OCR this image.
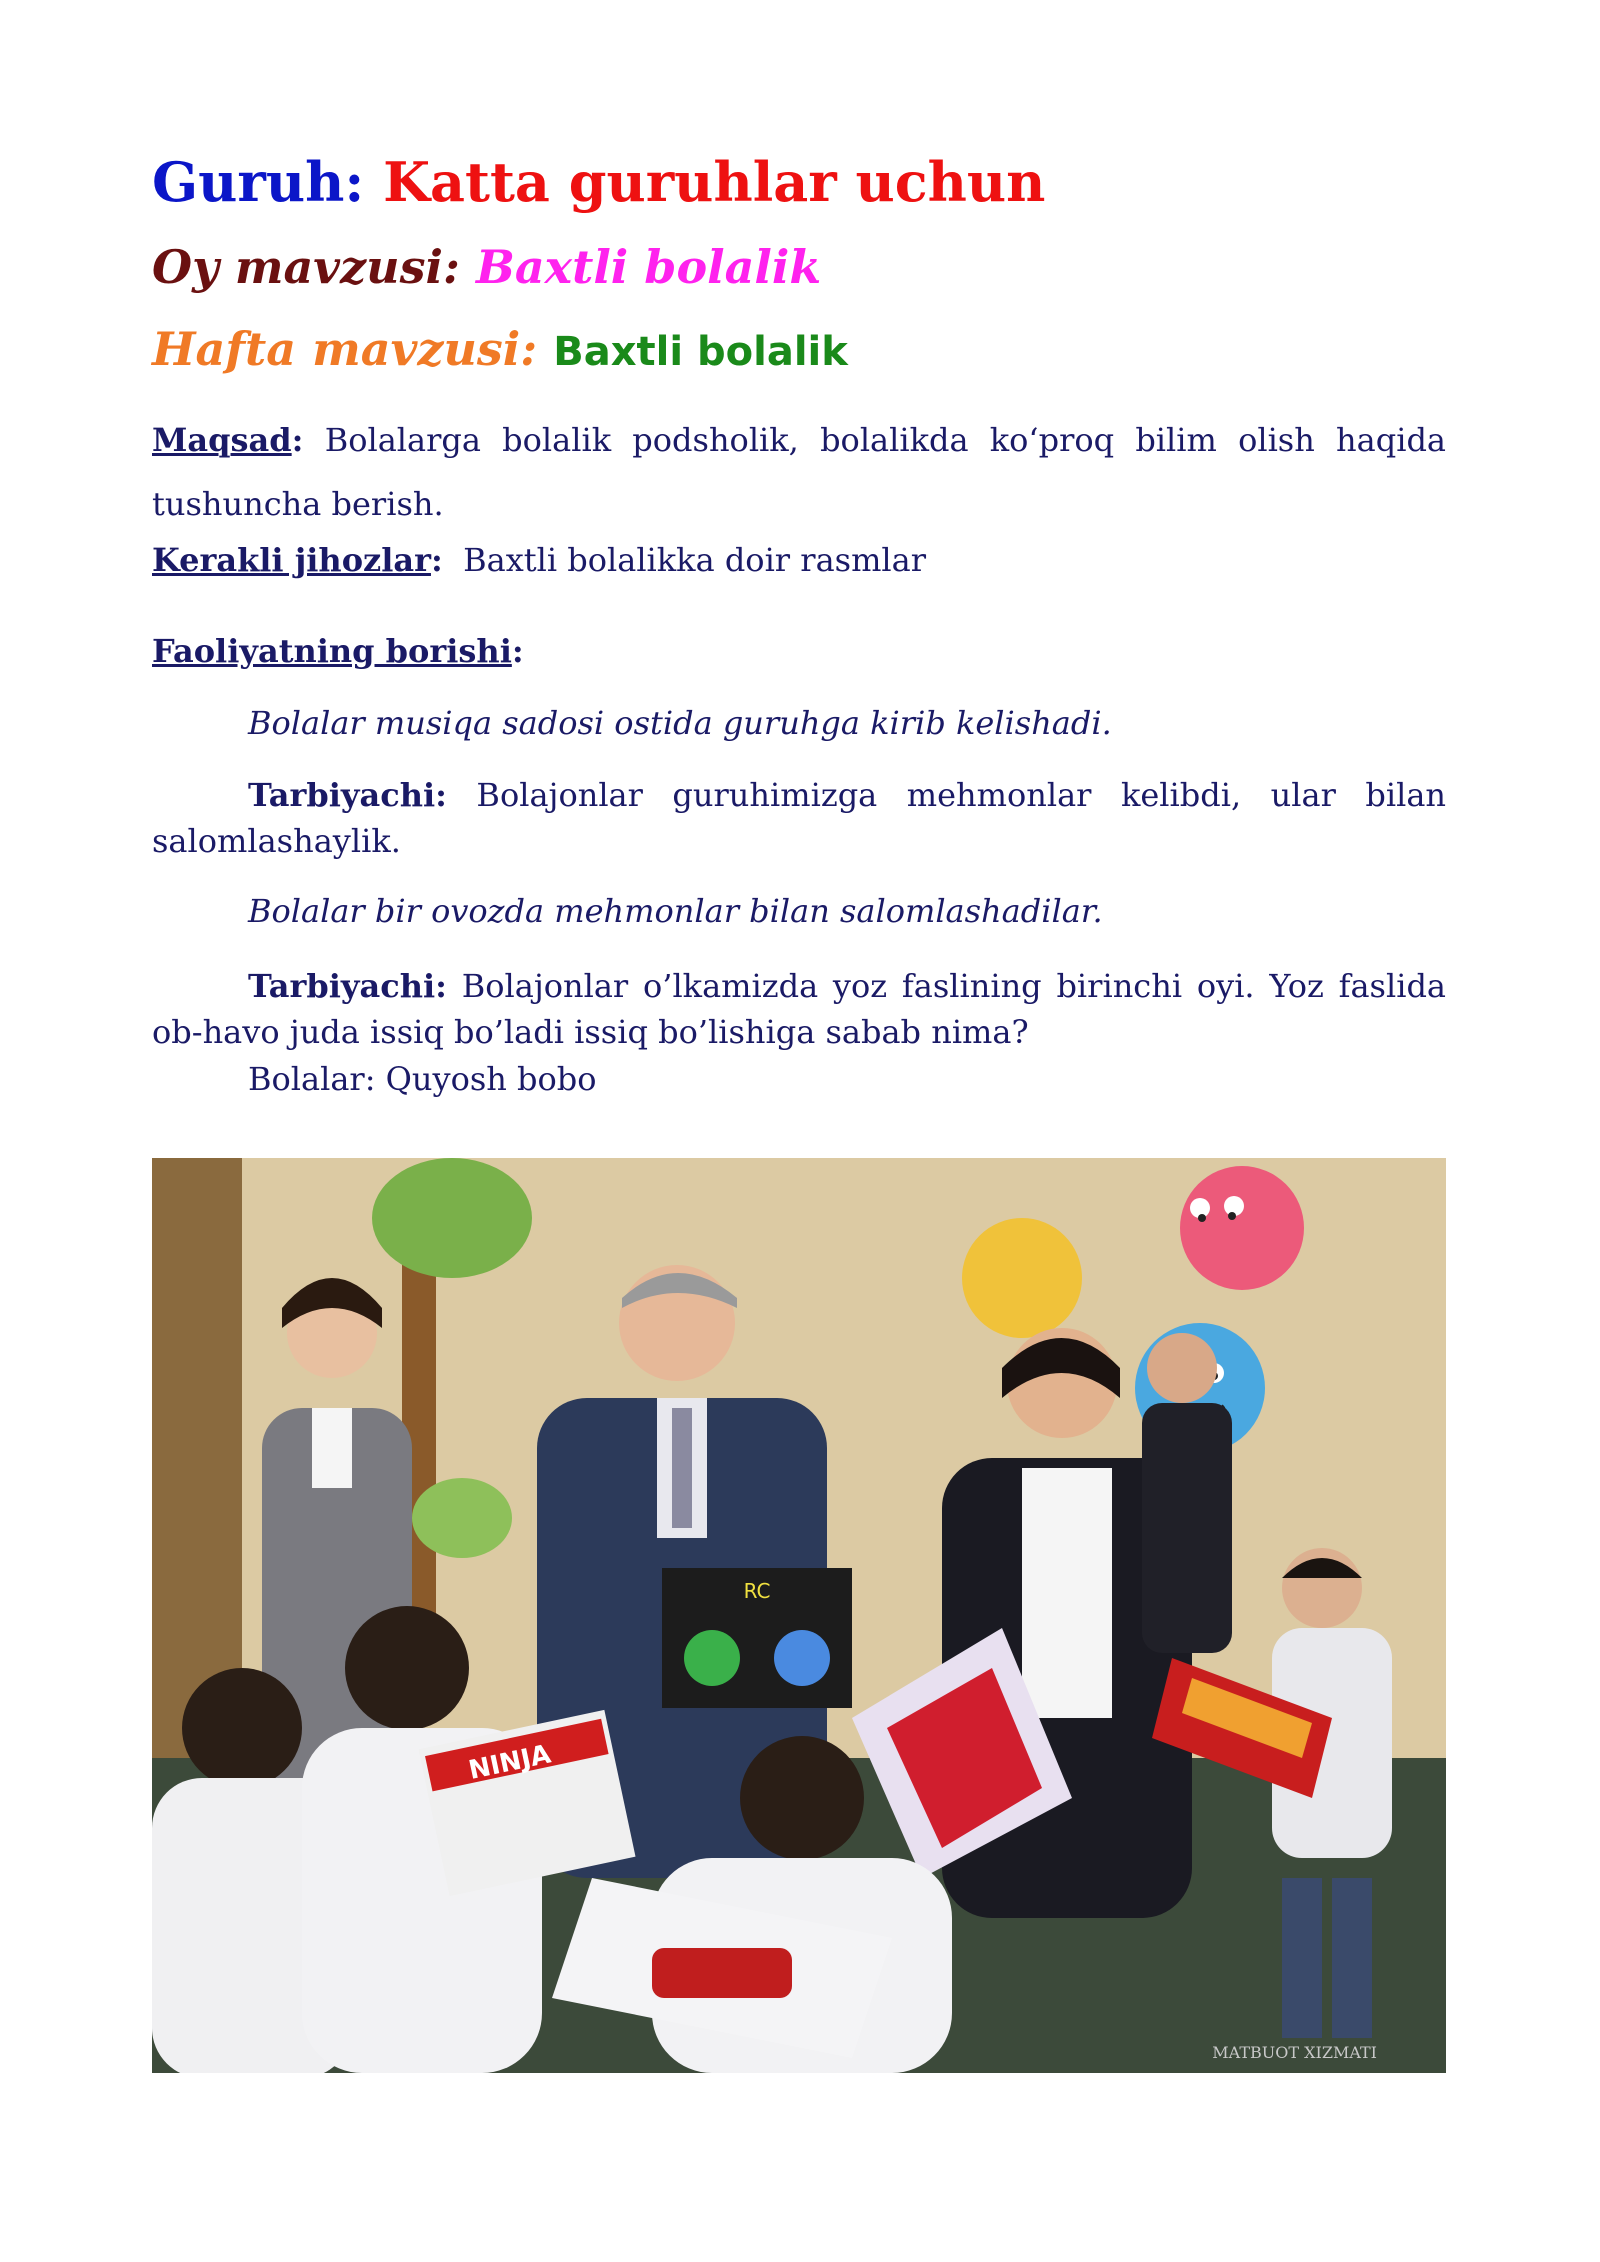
Guruh: Katta guruhlar uchun
Oy mavzusi: Baxtli bolalik
Hafta mavzusi: Baxtli bolalik
Maqsad: Bolalarga bolalik podsholik, bolalikda ko‘proq bilim olish haqida tushuncha berish.
Kerakli jihozlar: Baxtli bolalikka doir rasmlar
Faoliyatning borishi:
Bolalar musiqa sadosi ostida guruhga kirib kelishadi.
Tarbiyachi: Bolajonlar guruhimizga mehmonlar kelibdi, ular bilan salomlashaylik.
Bolalar bir ovozda mehmonlar bilan salomlashadilar.
Tarbiyachi: Bolajonlar o’lkamizda yoz faslining birinchi oyi. Yoz faslida ob-havo juda issiq bo’ladi issiq bo’lishiga sabab nima?
Bolalar: Quyosh bobo
RC
NINJA
MATBUOT XIZMATI
